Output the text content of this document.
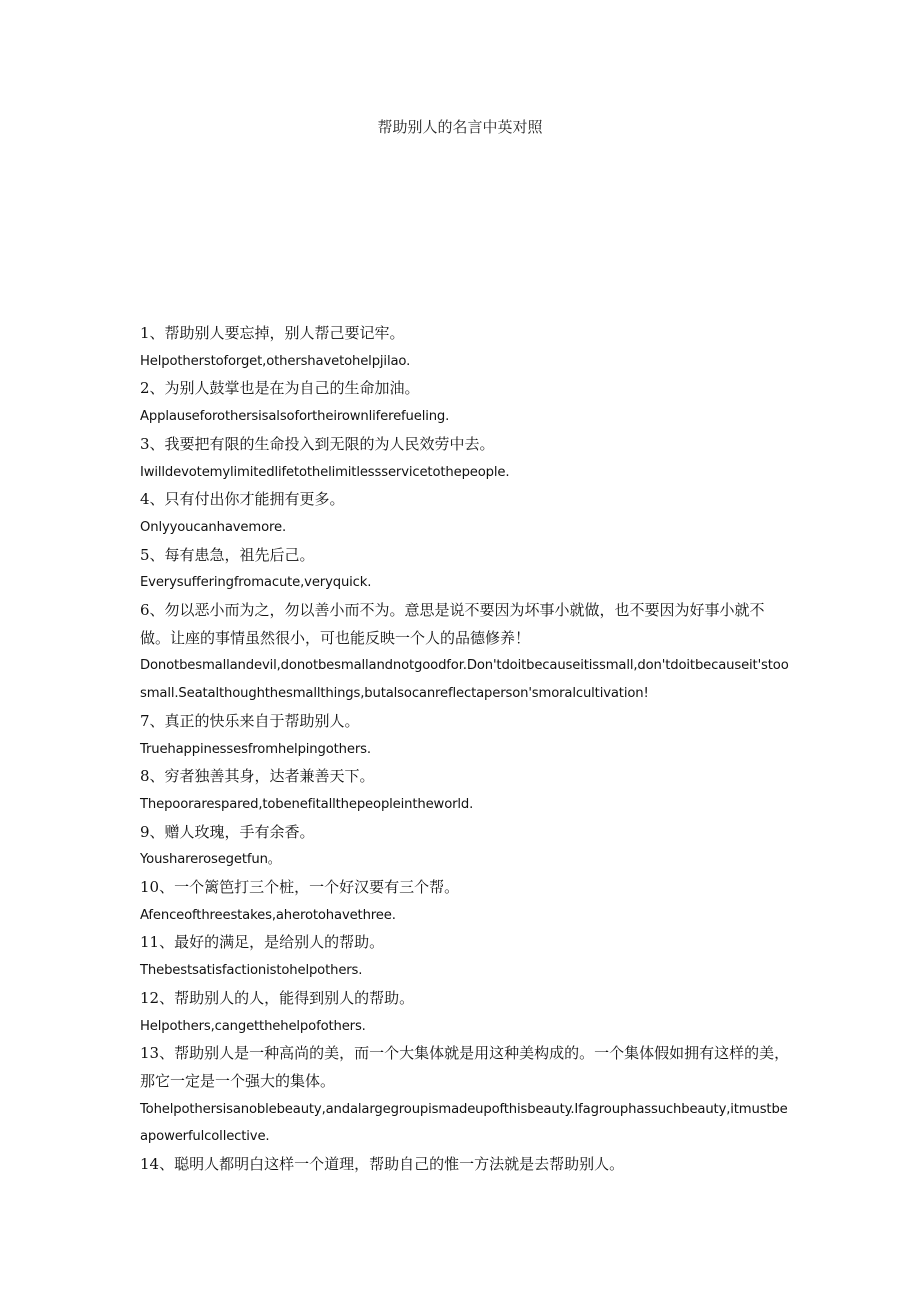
帮助别人的名言中英对照
1、帮助别人要忘掉，别人帮己要记牢。
Helpotherstoforget,othershavetohelpjilao.
2、为别人鼓掌也是在为自己的生命加油。
Applauseforothersisalsofortheirownliferefueling.
3、我要把有限的生命投入到无限的为人民效劳中去。
Iwilldevotemylimitedlifetothelimitlessservicetothepeople.
4、只有付出你才能拥有更多。
Onlyyoucanhavemore.
5、每有患急，祖先后己。
Everysufferingfromacute,veryquick.
6、勿以恶小而为之，勿以善小而不为。意思是说不要因为坏事小就做，也不要因为好事小就不做。让座的事情虽然很小，可也能反映一个人的品德修养！
Donotbesmallandevil,donotbesmallandnotgoodfor.Don'tdoitbecauseitissmall,don'tdoitbecauseit'stoosmall.Seatalthoughthesmallthings,butalsocanreflectaperson'smoralcultivation!
7、真正的快乐来自于帮助别人。
Truehappinessesfromhelpingothers.
8、穷者独善其身，达者兼善天下。
Thepoorarespared,tobenefitallthepeopleintheworld.
9、赠人玫瑰，手有余香。
Yousharerosegetfun。
10、一个篱笆打三个桩，一个好汉要有三个帮。
Afenceofthreestakes,aherotohavethree.
11、最好的满足，是给别人的帮助。
Thebestsatisfactionistohelpothers.
12、帮助别人的人，能得到别人的帮助。
Helpothers,cangetthehelpofothers.
13、帮助别人是一种高尚的美，而一个大集体就是用这种美构成的。一个集体假如拥有这样的美，那它一定是一个强大的集体。
Tohelpothersisanoblebeauty,andalargegroupismadeupofthisbeauty.Ifagrouphassuchbeauty,itmustbeapowerfulcollective.
14、聪明人都明白这样一个道理，帮助自己的惟一方法就是去帮助别人。
